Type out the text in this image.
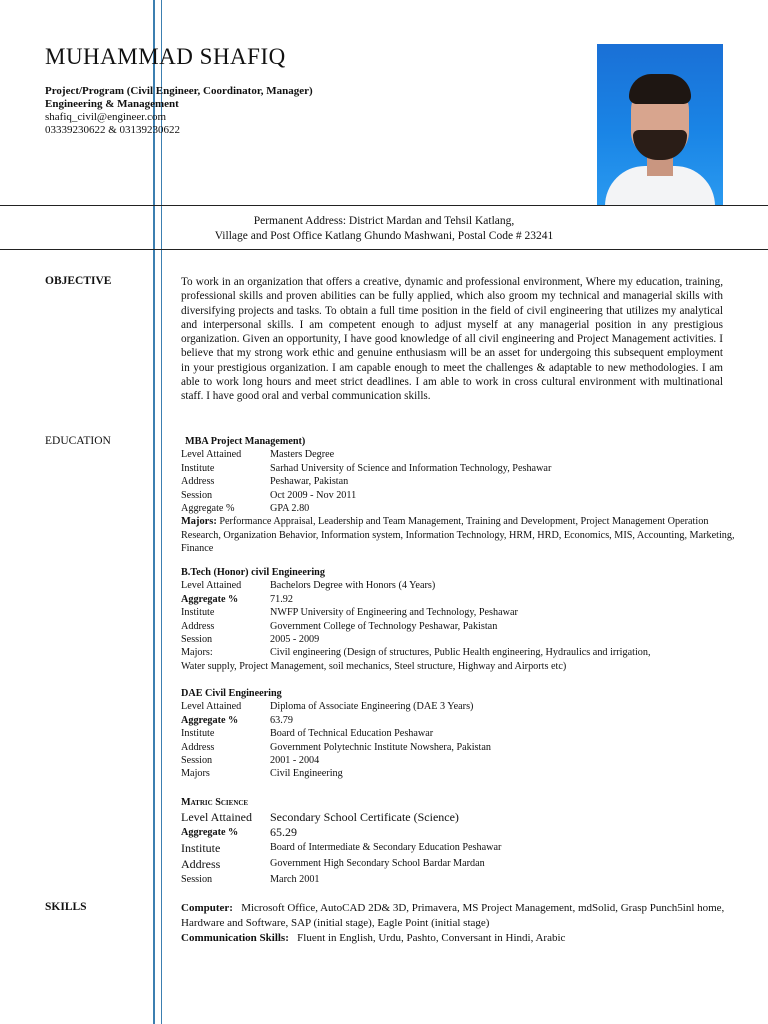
MUHAMMAD SHAFIQ
Project/Program (Civil Engineer, Coordinator, Manager)
Engineering & Management
shafiq_civil@engineer.com
03339230622 & 03139230622
Permanent Address: District Mardan and Tehsil Katlang,
Village and Post Office Katlang Ghundo Mashwani, Postal Code # 23241
OBJECTIVE	To work in an organization that offers a creative, dynamic and professional environment, Where my education, training, professional skills and proven abilities can be fully applied, which also groom my technical and managerial skills with diversifying projects and tasks. To obtain a full time position in the field of civil engineering that utilizes my analytical and interpersonal skills. I am competent enough to adjust myself at any managerial position in any prestigious organization. Given an opportunity, I have good knowledge of all civil engineering and Project Management activities. I believe that my strong work ethic and genuine enthusiasm will be an asset for undergoing this subsequent employment in your prestigious organization. I am capable enough to meet the challenges & adaptable to new methodologies. I am able to work long hours and meet strict deadlines. I am able to work in cross cultural environment with multinational staff. I have good oral and verbal communication skills.
EDUCATION	MBA Project Management)
Level Attained	Masters Degree
Institute	Sarhad University of Science and Information Technology, Peshawar
Address	Peshawar, Pakistan
Session	Oct 2009 - Nov 2011
Aggregate %	GPA 2.80
Majors: Performance Appraisal, Leadership and Team Management, Training and Development, Project Management Operation Research, Organization Behavior, Information system, Information Technology, HRM, HRD, Economics, MIS, Accounting, Marketing, Finance
B.Tech (Honor) civil Engineering
Level Attained	Bachelors Degree with Honors (4 Years)
Aggregate %	71.92
Institute	NWFP University of Engineering and Technology, Peshawar
Address	Government College of Technology Peshawar, Pakistan
Session	2005 - 2009
Majors:	Civil engineering (Design of structures, Public Health engineering, Hydraulics and irrigation,
Water supply, Project Management, soil mechanics, Steel structure, Highway and Airports etc)
DAE Civil Engineering
Level Attained	Diploma of Associate Engineering (DAE 3 Years)
Aggregate %	63.79
Institute	Board of Technical Education Peshawar
Address	Government Polytechnic Institute Nowshera, Pakistan
Session	2001 - 2004
Majors	Civil Engineering
Matric Science
Level Attained	Secondary School Certificate (Science)
Aggregate %	65.29
Institute	Board of Intermediate & Secondary Education Peshawar
Address	Government High Secondary School Bardar Mardan
Session	March 2001
SKILLS	Computer: Microsoft Office, AutoCAD 2D& 3D, Primavera, MS Project Management, mdSolid, Grasp Punch5inl home, Hardware and Software, SAP (initial stage), Eagle Point (initial stage)
Communication Skills: Fluent in English, Urdu, Pashto, Conversant in Hindi, Arabic
